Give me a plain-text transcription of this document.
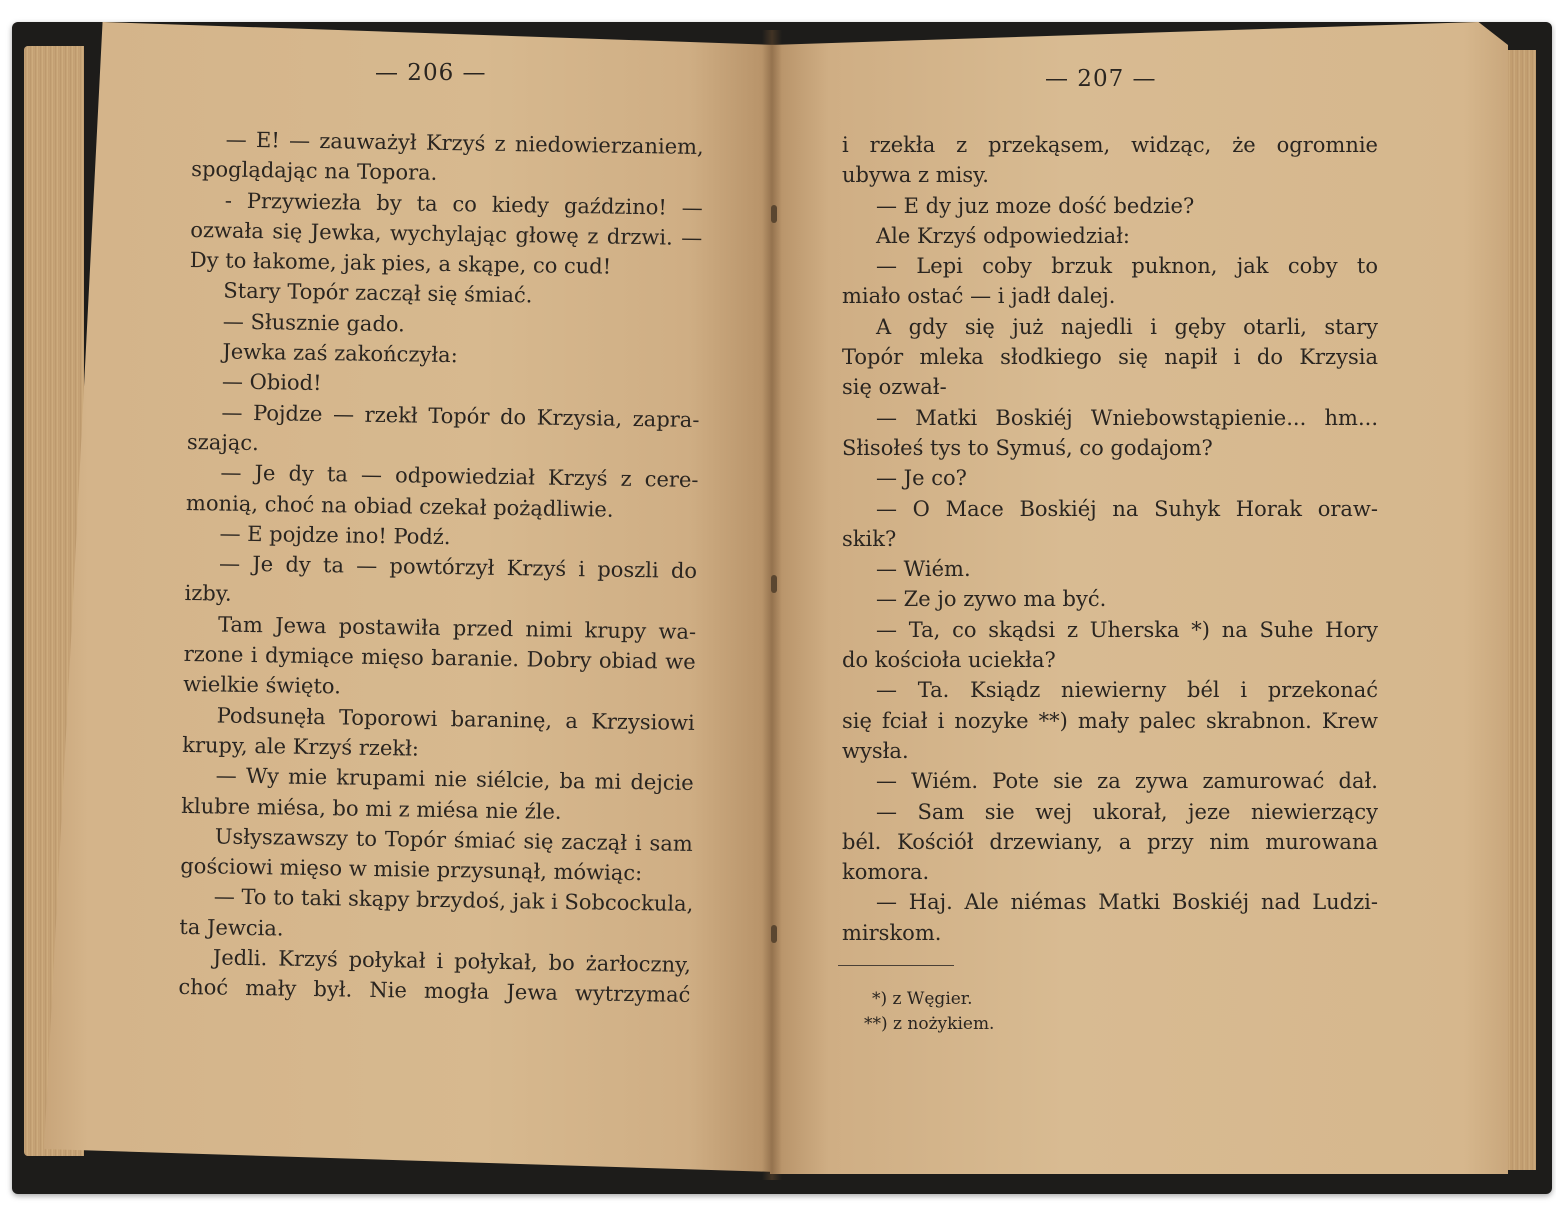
— 206 —	— 207 —
— E! — zauważył Krzyś z niedowierzaniem,
spoglądając na Topora.
- Przywiezła by ta co kiedy gaździno! —
ozwała się Jewka, wychylając głowę z drzwi. —
Dy to łakome, jak pies, a skąpe, co cud!
Stary Topór zaczął się śmiać.
— Słusznie gado.
Jewka zaś zakończyła:
— Obiod!
— Pojdze — rzekł Topór do Krzysia, zapra-
szając.
— Je dy ta — odpowiedział Krzyś z cere-
monią, choć na obiad czekał pożądliwie.
— E pojdze ino! Podź.
— Je dy ta — powtórzył Krzyś i poszli do
izby.
Tam Jewa postawiła przed nimi krupy wa-
rzone i dymiące mięso baranie. Dobry obiad we
wielkie święto.
Podsunęła Toporowi baraninę, a Krzysiowi
krupy, ale Krzyś rzekł:
— Wy mie krupami nie siélcie, ba mi dejcie
klubre miésa, bo mi z miésa nie źle.
Usłyszawszy to Topór śmiać się zaczął i sam
gościowi mięso w misie przysunął, mówiąc:
— To to taki skąpy brzydoś, jak i Sobcockula,
ta Jewcia.
Jedli. Krzyś połykał i połykał, bo żarłoczny,
choć mały był. Nie mogła Jewa wytrzymać
i rzekła z przekąsem, widząc, że ogromnie
ubywa z misy.
— E dy juz moze dość bedzie?
Ale Krzyś odpowiedział:
— Lepi coby brzuk puknon, jak coby to
miało ostać — i jadł dalej.
A gdy się już najedli i gęby otarli, stary
Topór mleka słodkiego się napił i do Krzysia
się ozwał-
— Matki Boskiéj Wniebowstąpienie... hm...
Słisołeś tys to Symuś, co godajom?
— Je co?
— O Mace Boskiéj na Suhyk Horak oraw-
skik?
— Wiém.
— Ze jo zywo ma być.
— Ta, co skądsi z Uherska *) na Suhe Hory
do kościoła uciekła?
— Ta. Ksiądz niewierny bél i przekonać
się fciał i nozyke **) mały palec skrabnon. Krew
wysła.
— Wiém. Pote sie za zywa zamurować dał.
— Sam sie wej ukorał, jeze niewierzący
bél. Kościół drzewiany, a przy nim murowana
komora.
— Haj. Ale niémas Matki Boskiéj nad Ludzi-
mirskom.
*) z Węgier.
**) z nożykiem.
